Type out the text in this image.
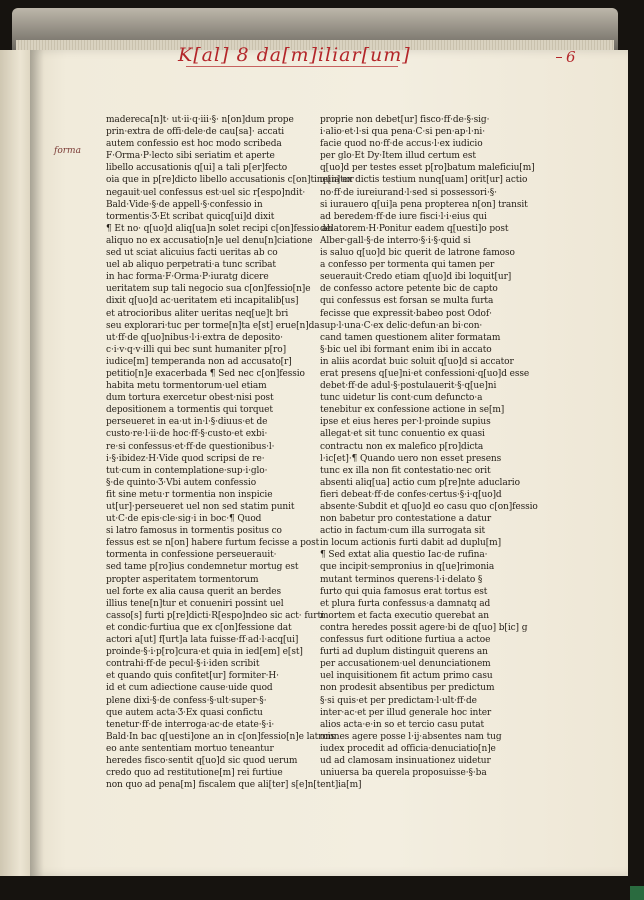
K[al] 8 da[m]iliar[um]	6
forma
madereca[n]t· ut·ii·q·iii·§· n[on]dum prope
prin·extra de offi·dele·de cau[sa]· accati
autem confessio est hoc modo scribeda
F·Orma·P·lecto sibi seriatim et aperte
libello accusationis q[ui] a tali p[er]fecto
oia que in p[re]dicto libello accusationis c[on]tine[n]tur
negauit·uel confessus est·uel sic r[espo]ndit·
Bald·Vide·§·de appell·§·confessio in
tormentis·Ʒ·Et scribat quicq[ui]d dixit
¶ Et no· q[uo]d aliq[ua]n solet recipi c[on]fessio ab
aliquo no ex accusatio[n]e uel denu[n]ciatione
sed ut sciat alicuius facti ueritas ab co
uel ab aliquo perpetrati·a tunc scribat
in hac forma·F·Orma·P·iuratg dicere
ueritatem sup tali negocio sua c[on]fessio[n]e
dixit q[uo]d ac·ueritatem eti incapitalib[us]
et atrocioribus aliter ueritas neq[ue]t bri
seu explorari·tuc per torme[n]ta e[st] erue[n]da
ut·ff·de q[uo]nibus·l·i·extra de deposito·
c·i·v·q·v·illi qui bec sunt humaniter p[ro]
iudice[m] temperanda non ad accusato[r]
petitio[n]e exacerbada ¶ Sed nec c[on]fessio
habita metu tormentorum·uel etiam
dum tortura exercetur obest·nisi post
depositionem a tormentis qui torquet
perseueret in ea·ut in·l·§·diuus·et de
custo·re·l·ii·de hoc·ff·§·custo·et exbi·
re·si confessus·et·ff·de questionibus·l·
i·§·ibidez·H·Vide quod scripsi de re·
tut·cum in contemplatione·sup·i·glo·
§·de quinto·Ʒ·Vbi autem confessio
fit sine metu·r tormentia non inspicie
ut[ur]·perseueret uel non sed statim punit
ut·C·de epis·cle·sig·i in boc·¶ Quod
si latro famosus in tormentis positus co
fessus est se n[on] habere furtum fecisse a post
tormenta in confessione perseuerauit·
sed tame p[ro]ius condemnetur mortug est
propter asperitatem tormentorum
uel forte ex alia causa querit an berdes
illius tene[n]tur et conueniri possint uel
casso[s] furti p[re]dicti·R[espo]ndeo sic act· furti
et condic·furtiua que ex c[on]fessione dat
actori a[ut] f[urt]a lata fuisse·ff·ad·l·acq[ui]
proinde·§·i·p[ro]cura·et quia in ied[em] e[st]
contrahi·ff·de pecul·§·i·iden scribit
et quando quis confitet[ur] formiter·H·
id et cum adiectione cause·uide quod
plene dixi·§·de confess·§·ult·super·§·
que autem acta·Ʒ·Ex quasi confictu
tenetur·ff·de interroga·ac·de etate·§·i·
Bald·In bac q[uesti]one an in c[on]fessio[n]e latrois
eo ante sententiam mortuo teneantur
heredes fisco·sentit q[uo]d sic quod uerum
credo quo ad restitutione[m] rei furtiue
non quo ad pena[m] fiscalem que ali[ter] s[e]n[tent]ia[m]
proprie non debet[ur] fisco·ff·de·§·sig·
i·alio·et·l·si qua pena·C·si pen·ap·l·ni·
facie quod no·ff·de accus·l·ex iudicio
per glo·Et Dy·Item illud certum est
q[uo]d per testes esset p[ro]batum maleficiu[m]
quia ex dictis testium nunq[uam] orit[ur] actio
no·ff·de iureiurand·l·sed si possessori·§·
si iurauero q[ui]a pena propterea n[on] transit
ad beredem·ff·de iure fisci·l·i·eius qui
delatorem·H·Ponitur eadem q[uesti]o post
Alber·gall·§·de interro·§·i·§·quid si
is saluo q[uo]d bic querit de latrone famoso
a confesso per tormenta qui tamen per
seuerauit·Credo etiam q[uo]d ibi loquit[ur]
de confesso actore petente bic de capto
qui confessus est forsan se multa furta
fecisse que expressit·babeo post Odof·
sup·l·una·C·ex delic·defun·an bi·con·
cand tamen questionem aliter formatam
§·bic uel ibi formant enim ibi in accato
in aliis acordat buic soluit q[uo]d si accator
erat presens q[ue]ni·et confessioni·q[uo]d esse
debet·ff·de adul·§·postulauerit·§·q[ue]ni
tunc uidetur lis cont·cum defuncto·a
tenebitur ex confessione actione in se[m]
ipse et eius heres per·l·proinde supius
allegat·et sit tunc conuentio ex quasi
contractu non ex malefico p[ro]dicta
l·ic[et]·¶ Quando uero non esset presens
tunc ex illa non fit contestatio·nec orit
absenti aliq[ua] actio cum p[re]nte aduclario
fieri debeat·ff·de confes·certus·§·i·q[uo]d
absente·Subdit et q[uo]d eo casu quo c[on]fessio
non babetur pro contestatione a datur
actio in factum·cum illa surrogata sit
in locum actionis furti dabit ad duplu[m]
¶ Sed extat alia questio Iac·de rufina·
que incipit·sempronius in q[ue]rimonia
mutant terminos querens·l·i·delato §
furto qui quia famosus erat tortus est
et plura furta confessus·a damnatq ad
mortem et facta executio querebat an
contra heredes possit agere·bi de q[uo] b[ic] g
confessus furt oditione furtiua a actoe
furti ad duplum distinguit querens an
per accusationem·uel denunciationem
uel inquisitionem fit actum primo casu
non prodesit absentibus per predictum
§·si quis·et per predictam·l·ult·ff·de
inter·ac·et per illud generale hoc inter
alios acta·e·in so et tercio casu putat
omnes agere posse l·ij·absentes nam tug
iudex procedit ad officia·denuciatio[n]e
ud ad clamosam insinuationez uidetur
uniuersa ba querela proposuisse·§·ba
